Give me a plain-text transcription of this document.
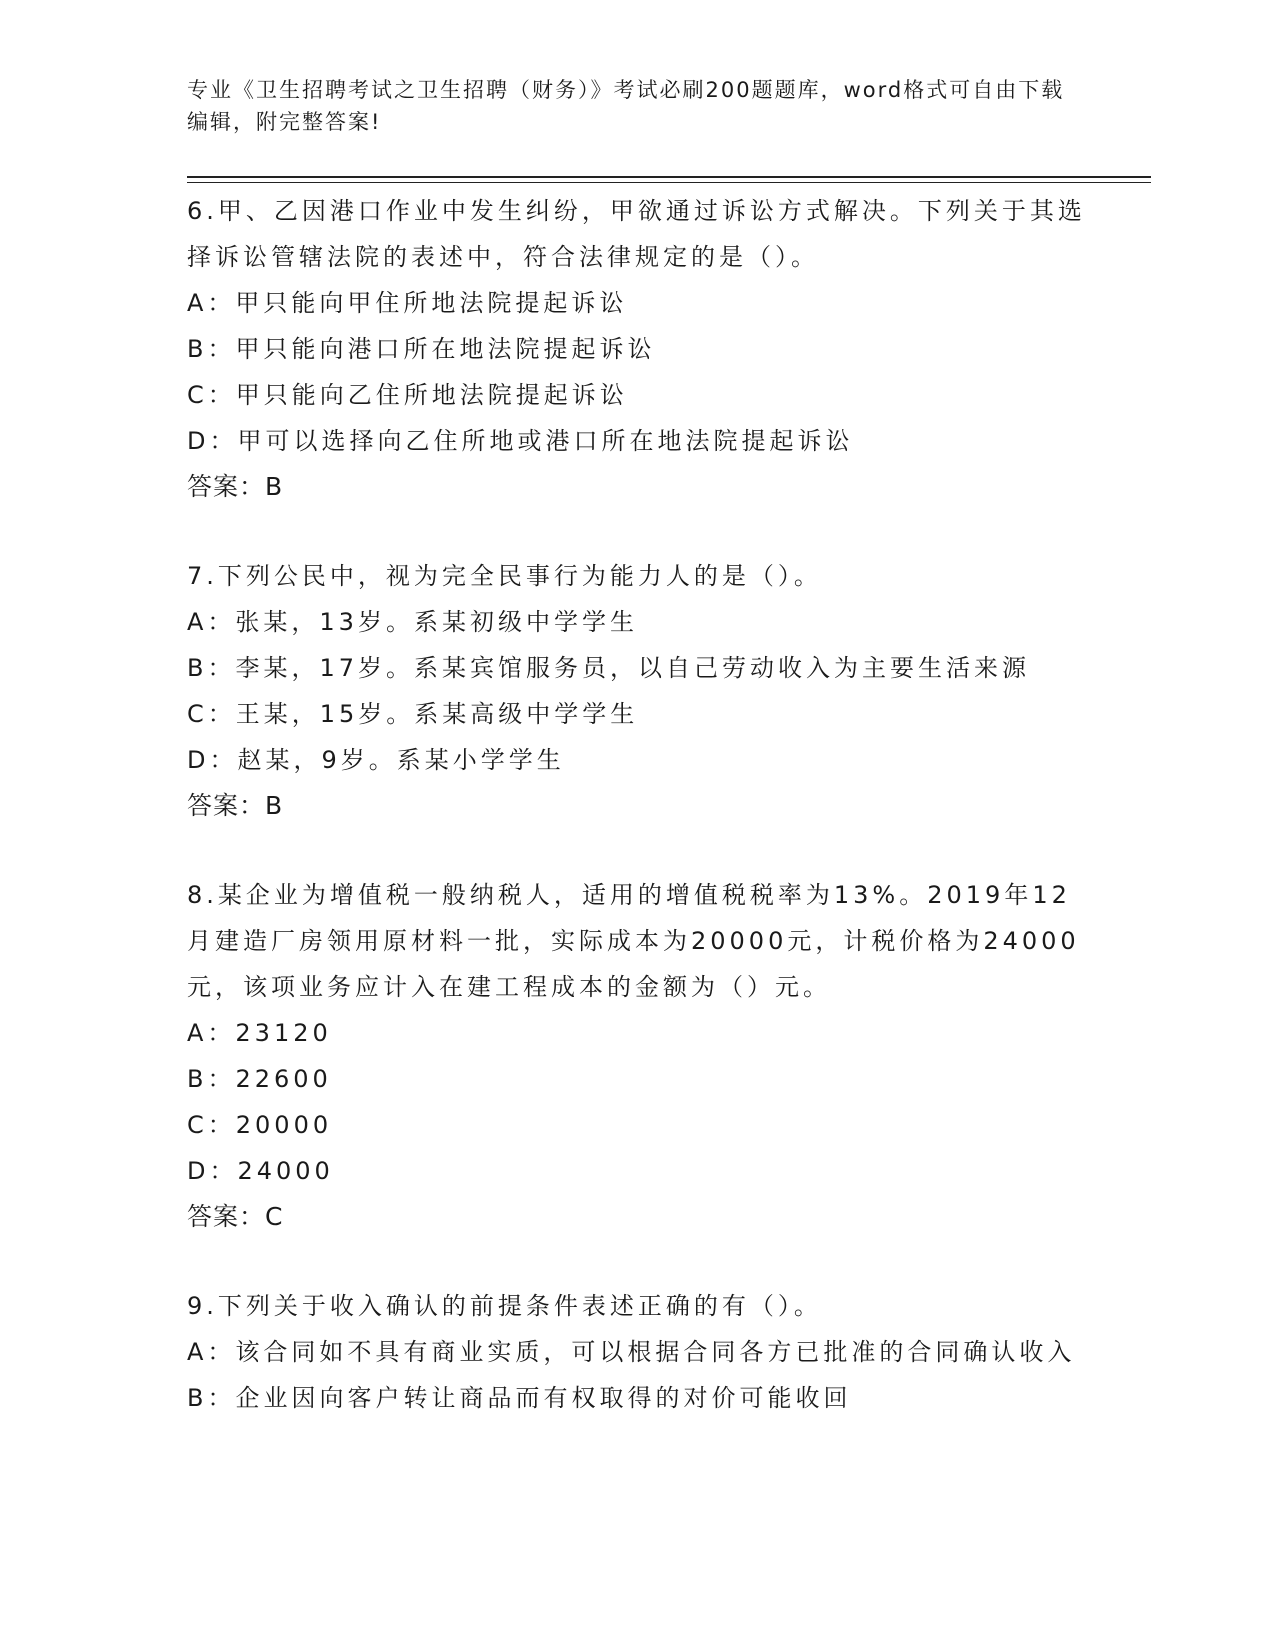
专业《卫生招聘考试之卫生招聘（财务）》考试必刷200题题库，word格式可自由下载编辑，附完整答案!

6.甲、乙因港口作业中发生纠纷，甲欲通过诉讼方式解决。下列关于其选择诉讼管辖法院的表述中，符合法律规定的是（）。

A：甲只能向甲住所地法院提起诉讼

B：甲只能向港口所在地法院提起诉讼

C：甲只能向乙住所地法院提起诉讼

D：甲可以选择向乙住所地或港口所在地法院提起诉讼

答案：B

7.下列公民中，视为完全民事行为能力人的是（）。

A：张某，13岁。系某初级中学学生

B：李某，17岁。系某宾馆服务员，以自己劳动收入为主要生活来源

C：王某，15岁。系某高级中学学生

D：赵某，9岁。系某小学学生

答案：B

8.某企业为增值税一般纳税人，适用的增值税税率为13%。2019年12月建造厂房领用原材料一批，实际成本为20000元，计税价格为24000元，该项业务应计入在建工程成本的金额为（）元。

A：23120

B：22600

C：20000

D：24000

答案：C

9.下列关于收入确认的前提条件表述正确的有（）。

A：该合同如不具有商业实质，可以根据合同各方已批准的合同确认收入

B：企业因向客户转让商品而有权取得的对价可能收回
